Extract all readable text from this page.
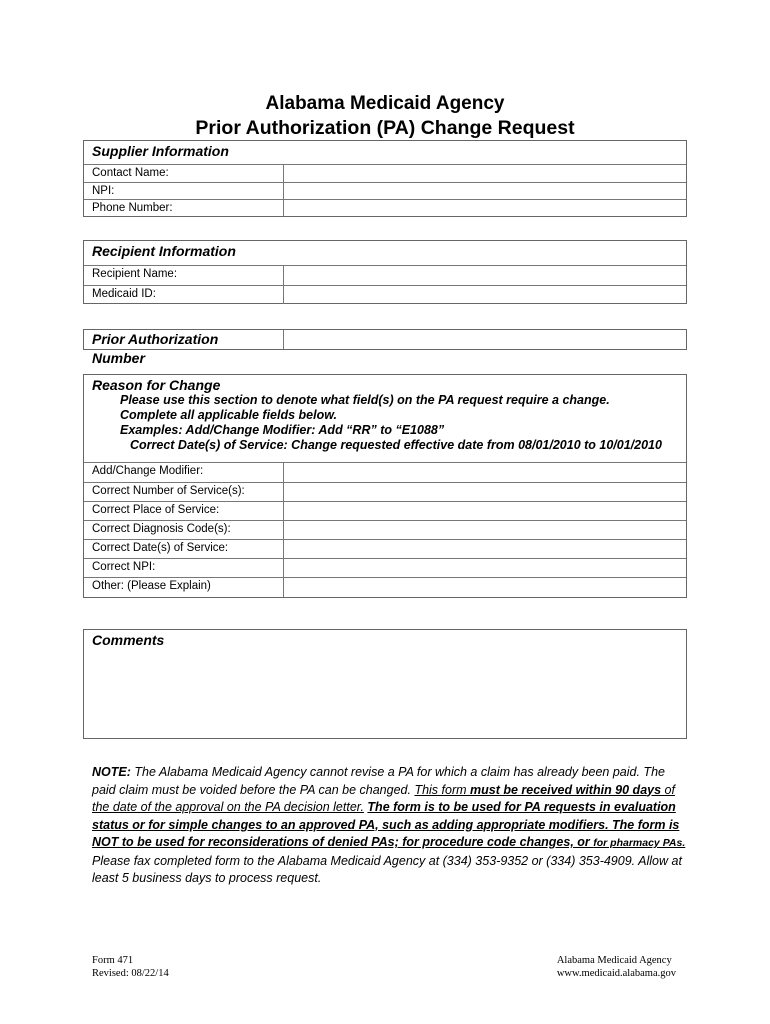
Alabama Medicaid Agency
Prior Authorization (PA) Change Request
Supplier Information
Contact Name:
NPI:
Phone Number:
Recipient Information
Recipient Name:
Medicaid ID:
Prior Authorization Number
Reason for Change
Please use this section to denote what field(s) on the PA request require a change.
Complete all applicable fields below.
Examples: Add/Change Modifier: Add “RR” to “E1088”
Correct Date(s) of Service: Change requested effective date from 08/01/2010 to 10/01/2010
Add/Change Modifier:
Correct Number of Service(s):
Correct Place of Service:
Correct Diagnosis Code(s):
Correct Date(s) of Service:
Correct NPI:
Other: (Please Explain)
Comments
NOTE: The Alabama Medicaid Agency cannot revise a PA for which a claim has already been paid. The paid claim must be voided before the PA can be changed. This form must be received within 90 days of the date of the approval on the PA decision letter. The form is to be used for PA requests in evaluation status or for simple changes to an approved PA, such as adding appropriate modifiers. The form is NOT to be used for reconsiderations of denied PAs; for procedure code changes, or for pharmacy PAs. Please fax completed form to the Alabama Medicaid Agency at (334) 353-9352 or (334) 353-4909. Allow at least 5 business days to process request.
Form 471
Revised: 08/22/14
Alabama Medicaid Agency
www.medicaid.alabama.gov
